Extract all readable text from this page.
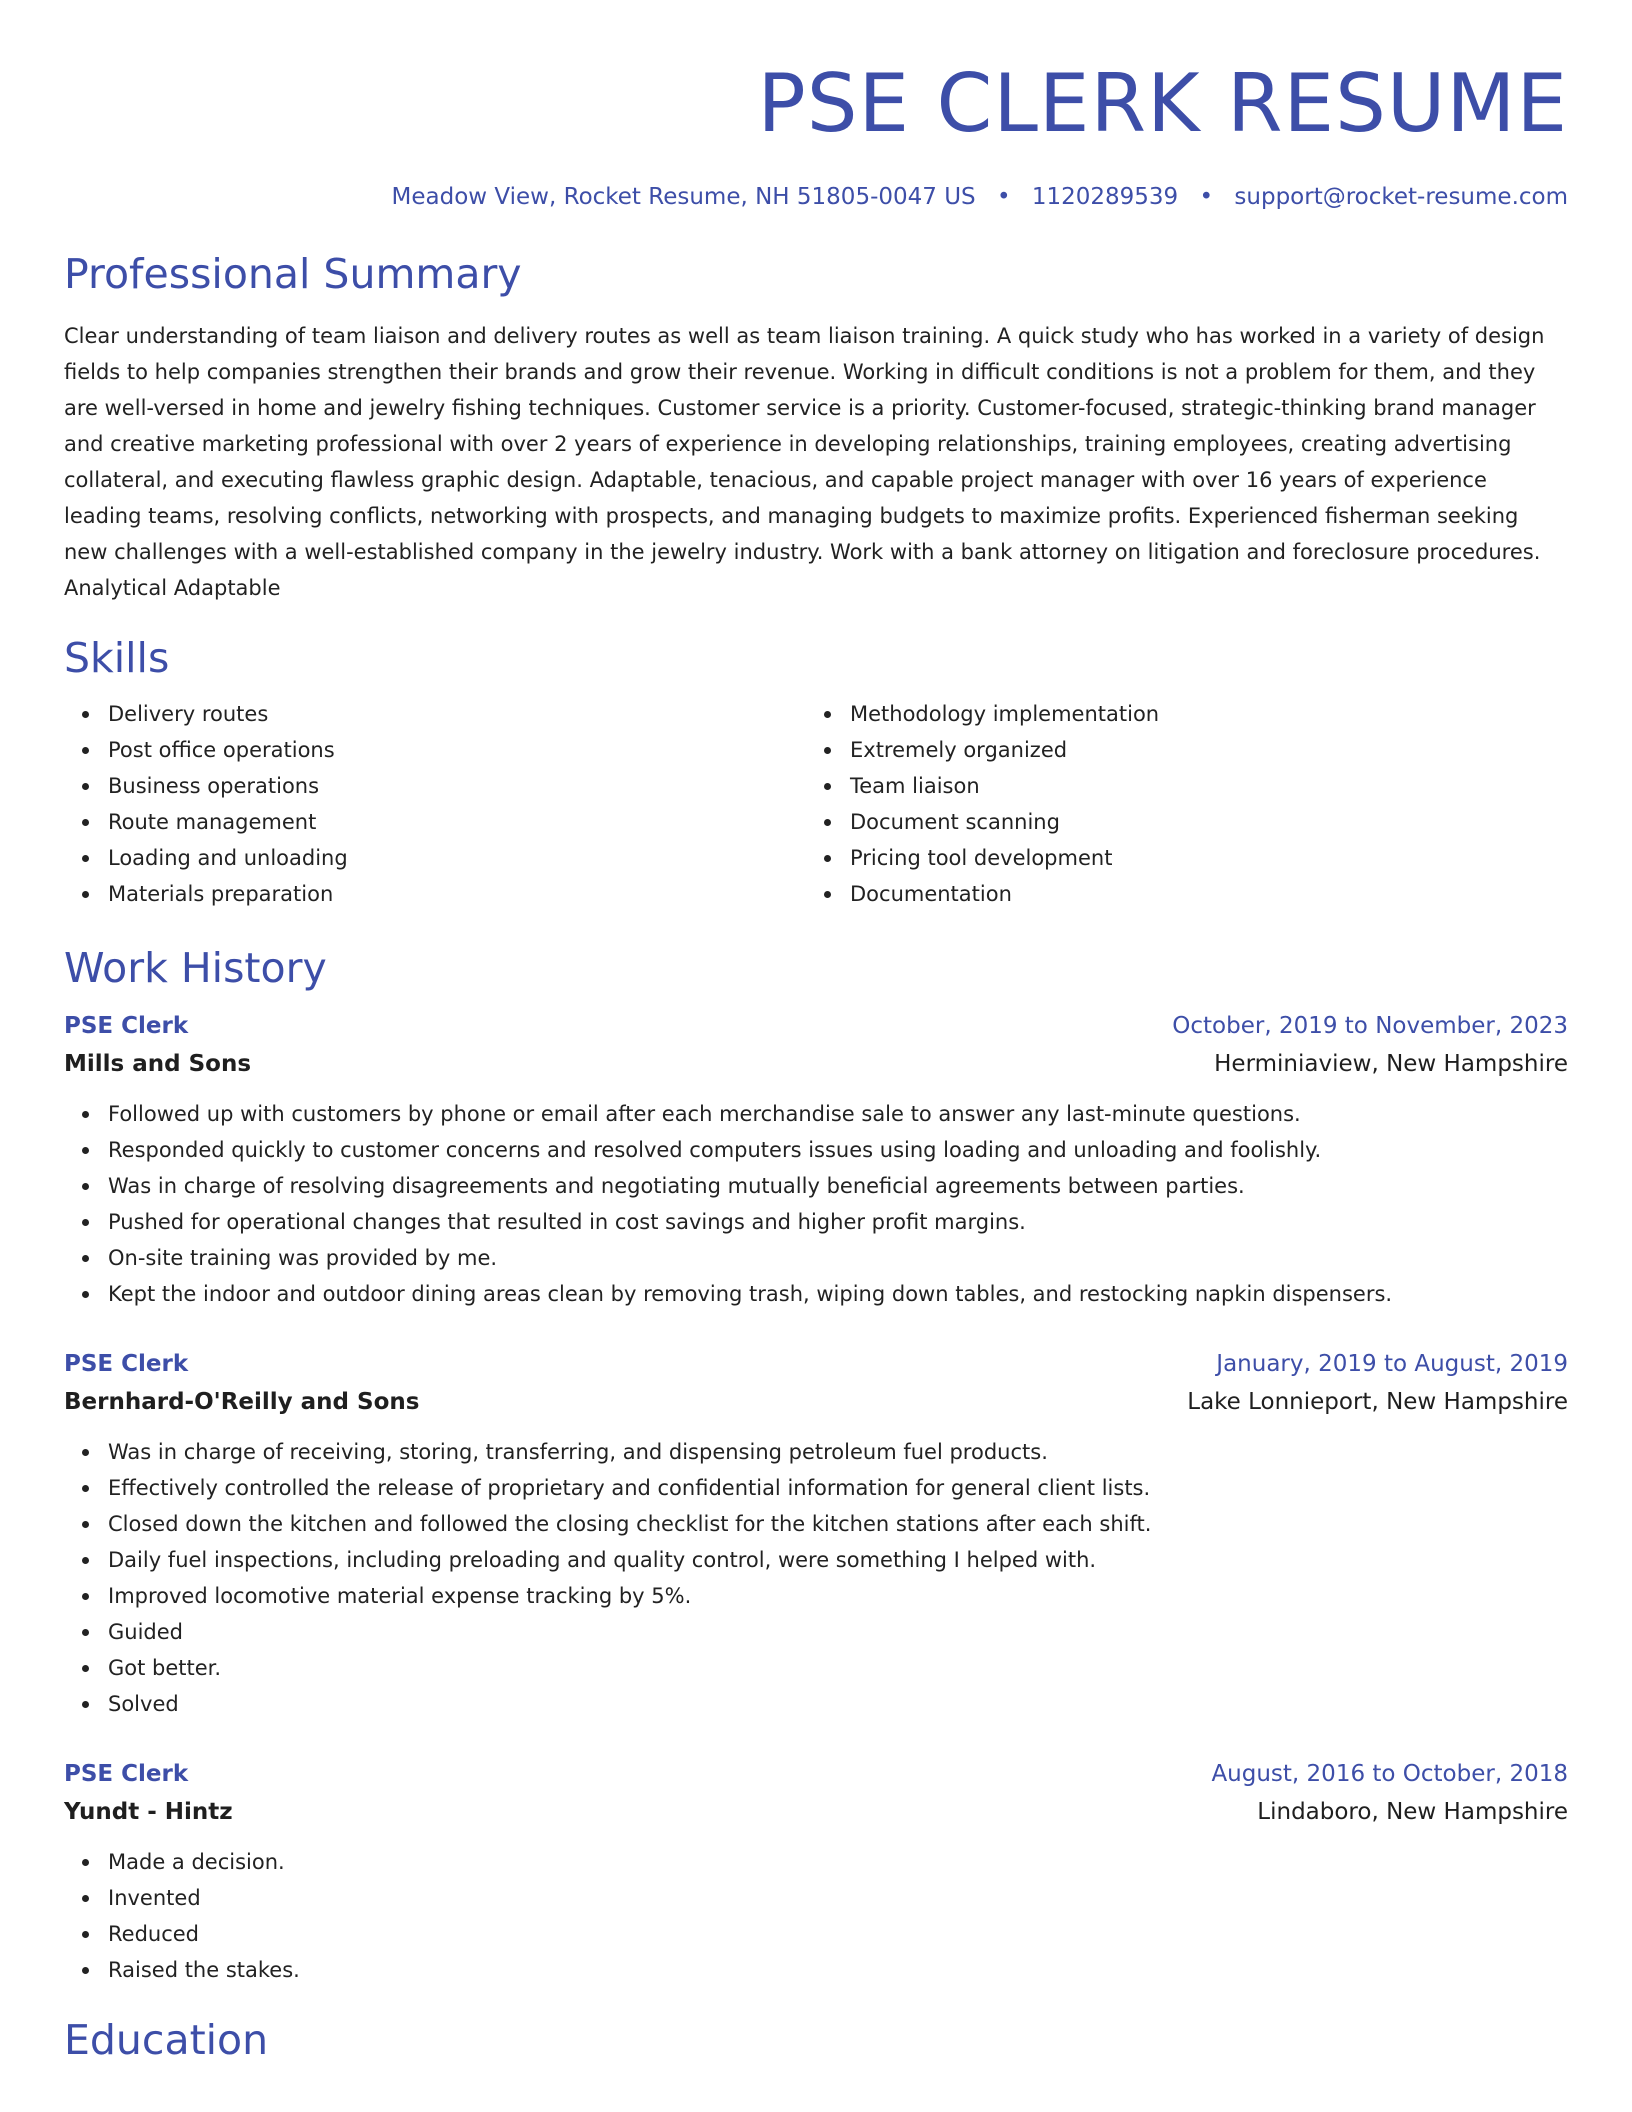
PSE CLERK RESUME
Meadow View, Rocket Resume, NH 51805-0047 US • 1120289539 • support@rocket-resume.com
Professional Summary
Clear understanding of team liaison and delivery routes as well as team liaison training. A quick study who has worked in a variety of design fields to help companies strengthen their brands and grow their revenue. Working in difficult conditions is not a problem for them, and they are well-versed in home and jewelry fishing techniques. Customer service is a priority. Customer-focused, strategic-thinking brand manager and creative marketing professional with over 2 years of experience in developing relationships, training employees, creating advertising collateral, and executing flawless graphic design. Adaptable, tenacious, and capable project manager with over 16 years of experience leading teams, resolving conflicts, networking with prospects, and managing budgets to maximize profits. Experienced fisherman seeking new challenges with a well-established company in the jewelry industry. Work with a bank attorney on litigation and foreclosure procedures. Analytical Adaptable
Skills
Delivery routes
Post office operations
Business operations
Route management
Loading and unloading
Materials preparation
Methodology implementation
Extremely organized
Team liaison
Document scanning
Pricing tool development
Documentation
Work History
PSE Clerk	October, 2019 to November, 2023
Mills and Sons	Herminiaview, New Hampshire
Followed up with customers by phone or email after each merchandise sale to answer any last-minute questions.
Responded quickly to customer concerns and resolved computers issues using loading and unloading and foolishly.
Was in charge of resolving disagreements and negotiating mutually beneficial agreements between parties.
Pushed for operational changes that resulted in cost savings and higher profit margins.
On-site training was provided by me.
Kept the indoor and outdoor dining areas clean by removing trash, wiping down tables, and restocking napkin dispensers.
PSE Clerk	January, 2019 to August, 2019
Bernhard-O'Reilly and Sons	Lake Lonnieport, New Hampshire
Was in charge of receiving, storing, transferring, and dispensing petroleum fuel products.
Effectively controlled the release of proprietary and confidential information for general client lists.
Closed down the kitchen and followed the closing checklist for the kitchen stations after each shift.
Daily fuel inspections, including preloading and quality control, were something I helped with.
Improved locomotive material expense tracking by 5%.
Guided
Got better.
Solved
PSE Clerk	August, 2016 to October, 2018
Yundt - Hintz	Lindaboro, New Hampshire
Made a decision.
Invented
Reduced
Raised the stakes.
Education
